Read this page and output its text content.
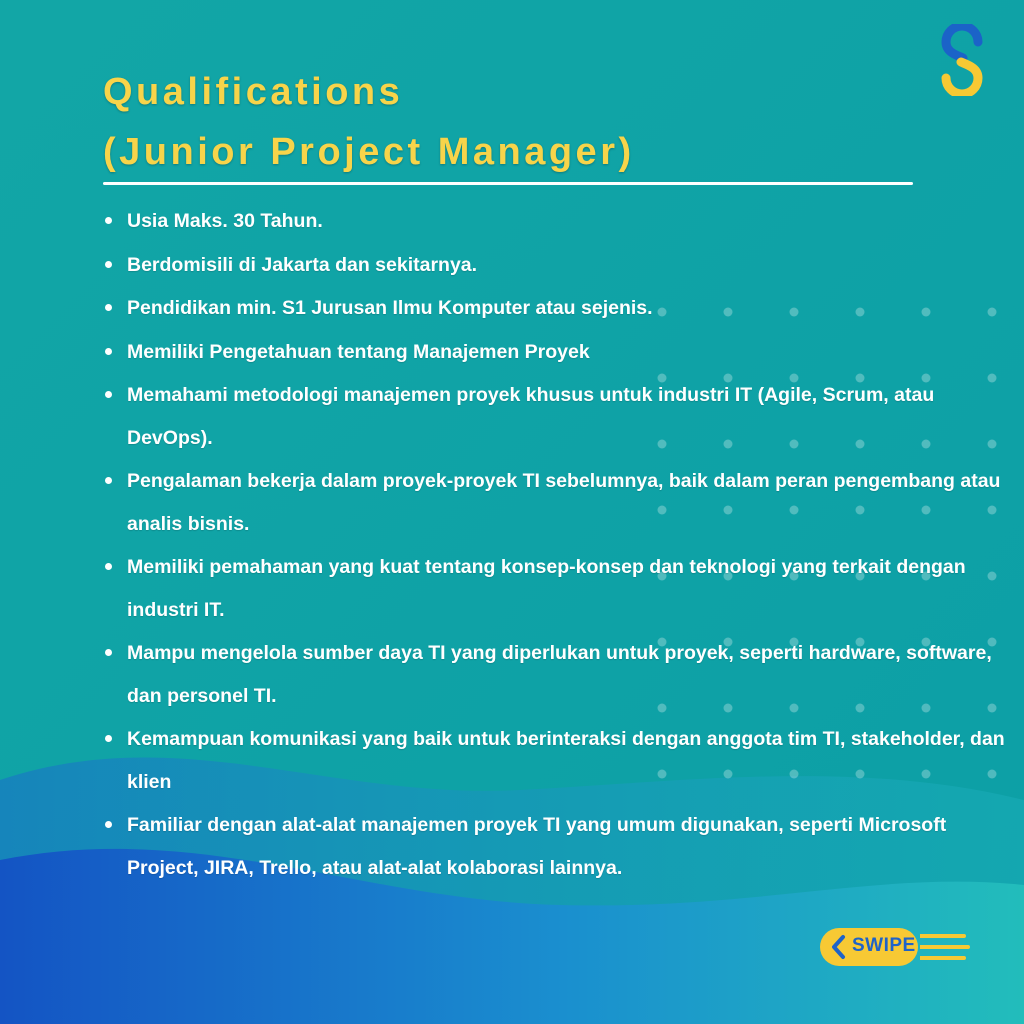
Qualifications
(Junior Project Manager)
Usia Maks. 30 Tahun.
Berdomisili di Jakarta dan sekitarnya.
Pendidikan min. S1 Jurusan Ilmu Komputer atau sejenis.
Memiliki Pengetahuan tentang Manajemen Proyek
Memahami metodologi manajemen proyek khusus untuk industri IT (Agile, Scrum, atau DevOps).
Pengalaman bekerja dalam proyek-proyek TI sebelumnya, baik dalam peran pengembang atau analis bisnis.
Memiliki pemahaman yang kuat tentang konsep-konsep dan teknologi yang terkait dengan industri IT.
Mampu mengelola sumber daya TI yang diperlukan untuk proyek, seperti hardware, software, dan personel TI.
Kemampuan komunikasi yang baik untuk berinteraksi dengan anggota tim TI, stakeholder, dan klien
Familiar dengan alat-alat manajemen proyek TI yang umum digunakan, seperti Microsoft Project, JIRA, Trello, atau alat-alat kolaborasi lainnya.
SWIPE
